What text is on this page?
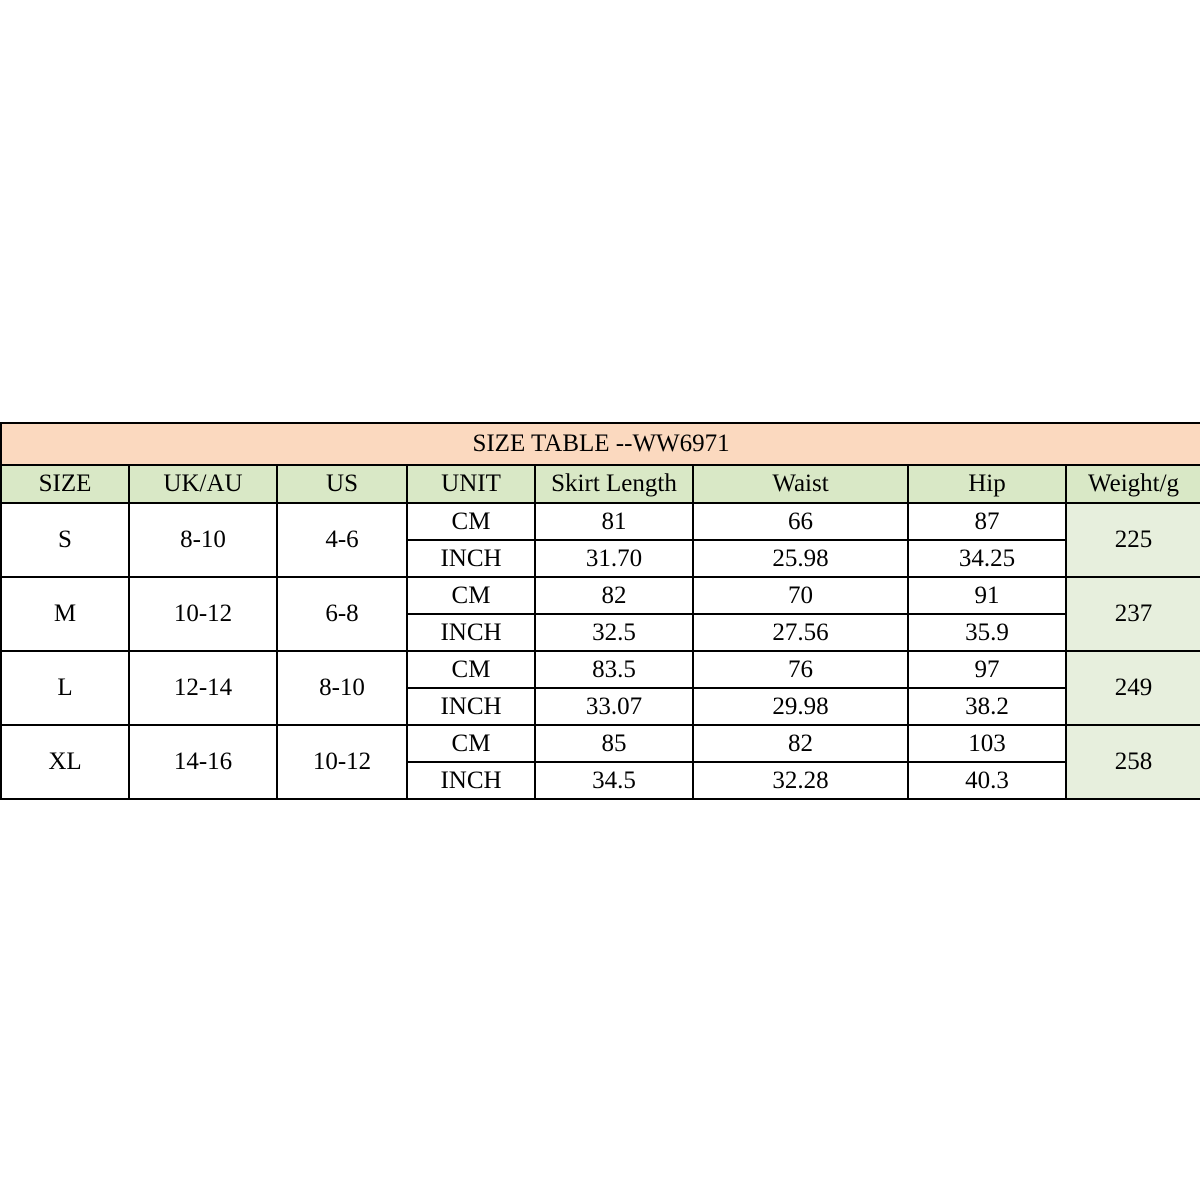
SIZE TABLE --WW6971							
SIZE	UK/AU	US	UNIT	Skirt Length	Waist	Hip	Weight/g
S	8-10	4-6	CM	81	66	87	225
			INCH	31.70	25.98	34.25	
M	10-12	6-8	CM	82	70	91	237
			INCH	32.5	27.56	35.9	
L	12-14	8-10	CM	83.5	76	97	249
			INCH	33.07	29.98	38.2	
XL	14-16	10-12	CM	85	82	103	258
			INCH	34.5	32.28	40.3	
